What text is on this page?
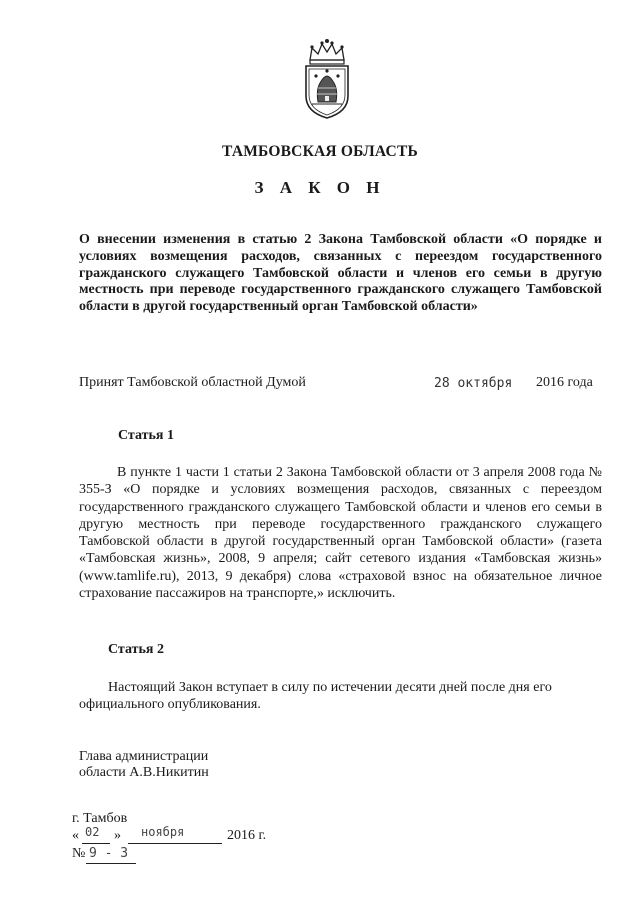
ТАМБОВСКАЯ ОБЛАСТЬ
З А К О Н
О внесении изменения в статью 2 Закона Тамбовской области «О порядке и условиях возмещения расходов, связанных с переездом государственного гражданского служащего Тамбовской области и членов его семьи в другую местность при переводе государственного гражданского служащего Тамбовской области в другой государственный орган Тамбовской области»
Принят Тамбовской областной Думой	28 октября 2016 года
Статья 1
В пункте 1 части 1 статьи 2 Закона Тамбовской области от 3 апреля 2008 года № 355-З «О порядке и условиях возмещения расходов, связанных с переездом государственного гражданского служащего Тамбовской области и членов его семьи в другую местность при переводе государственного гражданского служащего Тамбовской области в другой государственный орган Тамбовской области» (газета «Тамбовская жизнь», 2008, 9 апреля; сайт сетевого издания «Тамбовская жизнь» (www.tamlife.ru), 2013, 9 декабря) слова «страховой взнос на обязательное личное страхование пассажиров на транспорте,» исключить.
Статья 2
Настоящий Закон вступает в силу по истечении десяти дней после дня его официального опубликования.
Глава администрации
области А.В.Никитин
г. Тамбов
« 02 » ноября	2016 г.
№ 9 - З
